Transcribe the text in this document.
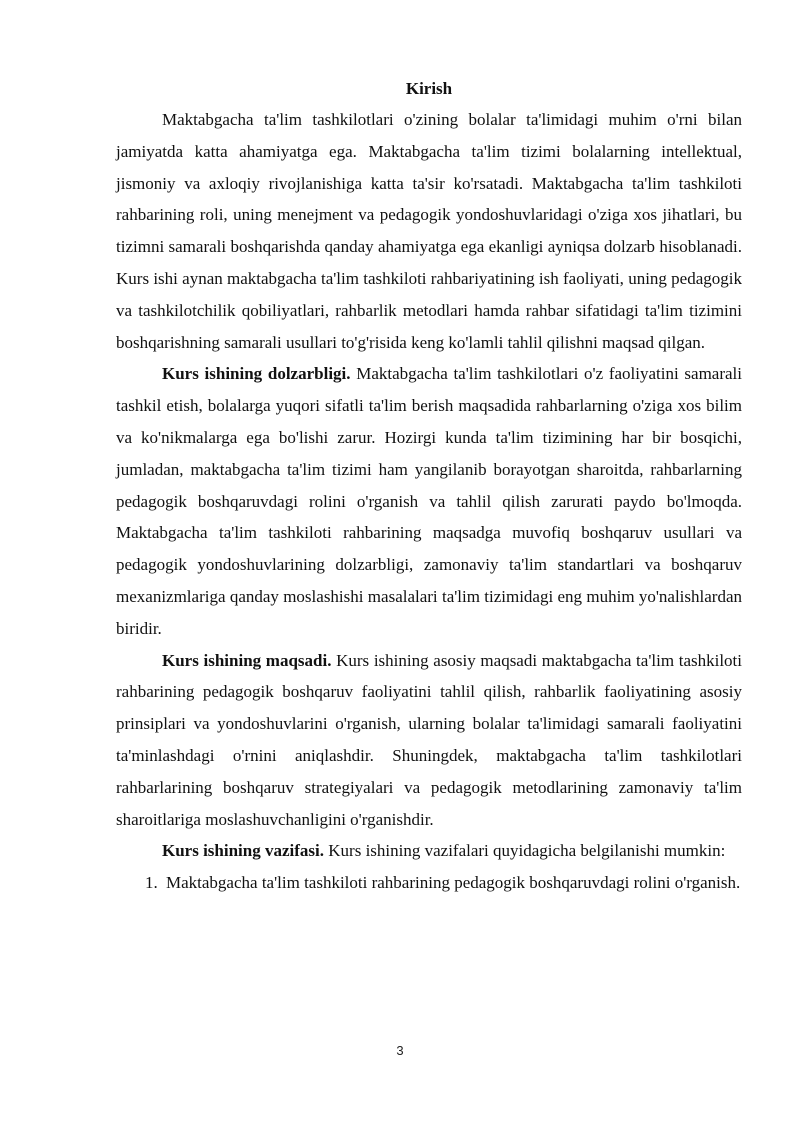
Kirish

Maktabgacha ta'lim tashkilotlari o'zining bolalar ta'limidagi muhim o'rni bilan jamiyatda katta ahamiyatga ega. Maktabgacha ta'lim tizimi bolalarning intellektual, jismoniy va axloqiy rivojlanishiga katta ta'sir ko'rsatadi. Maktabgacha ta'lim tashkiloti rahbarining roli, uning menejment va pedagogik yondoshuvlaridagi o'ziga xos jihatlari, bu tizimni samarali boshqarishda qanday ahamiyatga ega ekanligi ayniqsa dolzarb hisoblanadi. Kurs ishi aynan maktabgacha ta'lim tashkiloti rahbariyatining ish faoliyati, uning pedagogik va tashkilotchilik qobiliyatlari, rahbarlik metodlari hamda rahbar sifatidagi ta'lim tizimini boshqarishning samarali usullari to'g'risida keng ko'lamli tahlil qilishni maqsad qilgan.

Kurs ishining dolzarbligi. Maktabgacha ta'lim tashkilotlari o'z faoliyatini samarali tashkil etish, bolalarga yuqori sifatli ta'lim berish maqsadida rahbarlarning o'ziga xos bilim va ko'nikmalarga ega bo'lishi zarur. Hozirgi kunda ta'lim tizimining har bir bosqichi, jumladan, maktabgacha ta'lim tizimi ham yangilanib borayotgan sharoitda, rahbarlarning pedagogik boshqaruvdagi rolini o'rganish va tahlil qilish zarurati paydo bo'lmoqda. Maktabgacha ta'lim tashkiloti rahbarining maqsadga muvofiq boshqaruv usullari va pedagogik yondoshuvlarining dolzarbligi, zamonaviy ta'lim standartlari va boshqaruv mexanizmlariga qanday moslashishi masalalari ta'lim tizimidagi eng muhim yo'nalishlardan biridir.

Kurs ishining maqsadi. Kurs ishining asosiy maqsadi maktabgacha ta'lim tashkiloti rahbarining pedagogik boshqaruv faoliyatini tahlil qilish, rahbarlik faoliyatining asosiy prinsiplari va yondoshuvlarini o'rganish, ularning bolalar ta'limidagi samarali faoliyatini ta'minlashdagi o'rnini aniqlashdir. Shuningdek, maktabgacha ta'lim tashkilotlari rahbarlarining boshqaruv strategiyalari va pedagogik metodlarining zamonaviy ta'lim sharoitlariga moslashuvchanligini o'rganishdir.

Kurs ishining vazifasi. Kurs ishining vazifalari quyidagicha belgilanishi mumkin:

1. Maktabgacha ta'lim tashkiloti rahbarining pedagogik boshqaruvdagi rolini o'rganish.
3
